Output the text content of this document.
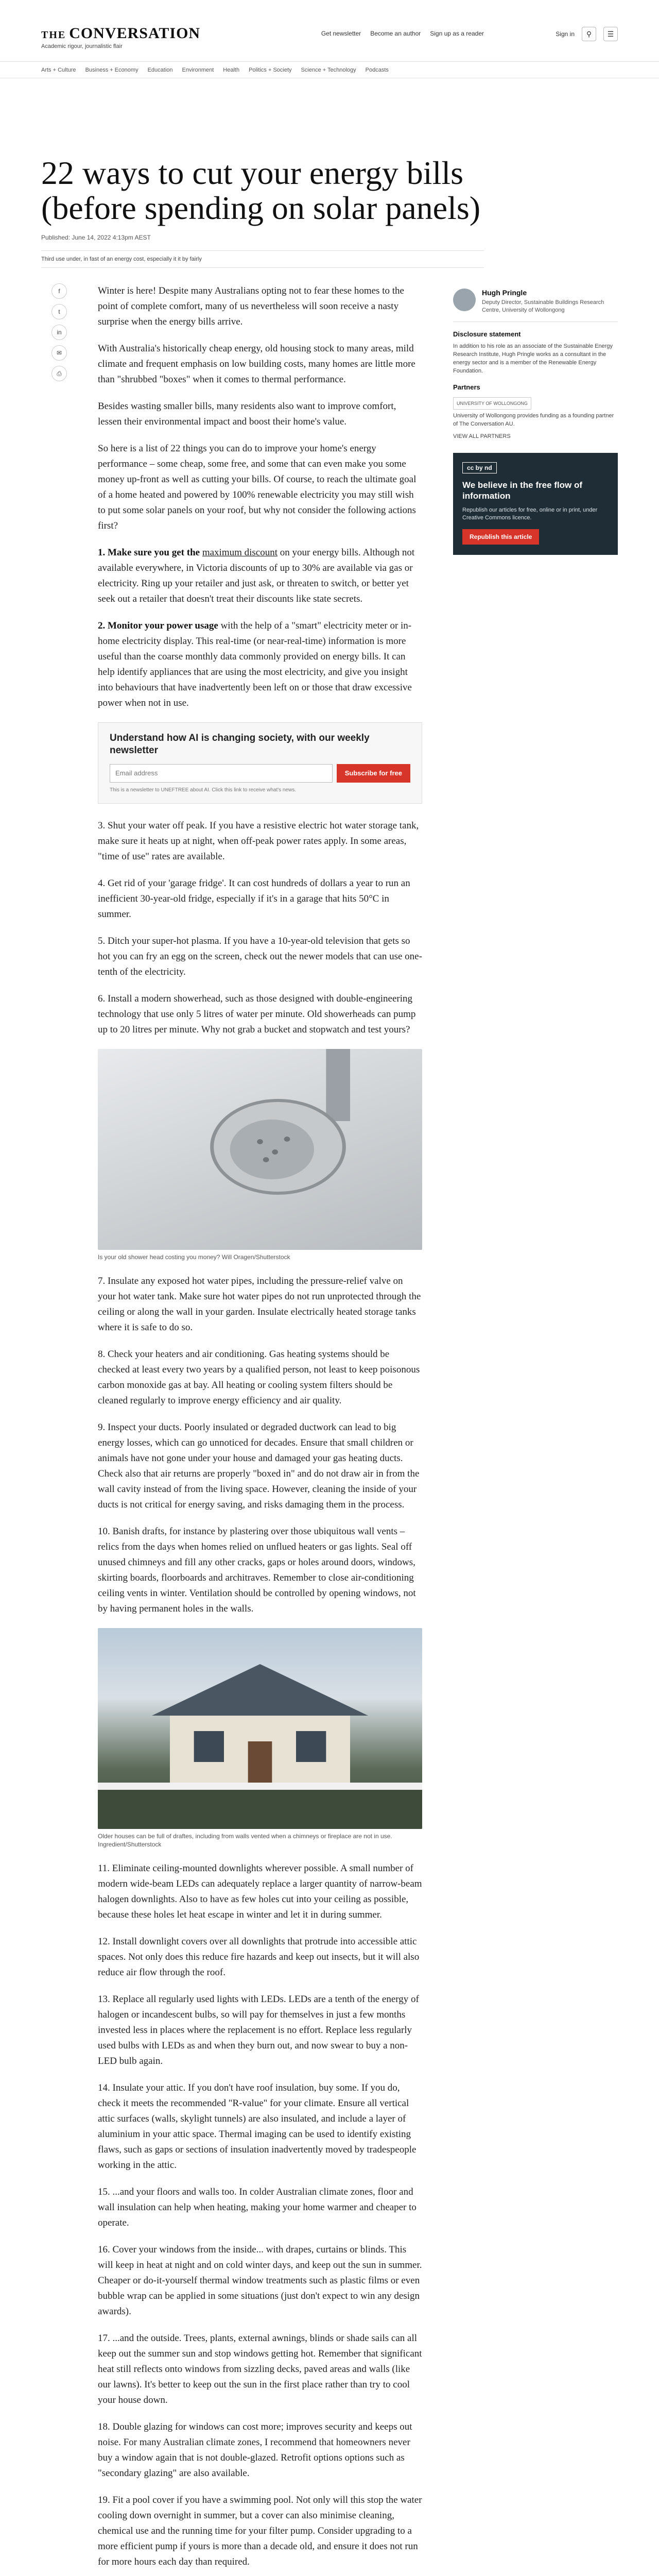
THE CONVERSATION
Academic rigour, journalistic flair
Get newsletter Become an author Sign up as a reader	Sign in	⚲	☰
Arts + Culture Business + Economy Education Environment Health Politics + Society Science + Technology Podcasts
22 ways to cut your energy bills (before spending on solar panels)
Published: June 14, 2022 4:13pm AEST
Third use under, in fast of an energy cost, especially it it by fairly
f
t
in
✉
⎙

Winter is here! Despite many Australians opting not to fear these homes to the point of complete comfort, many of us nevertheless will soon receive a nasty surprise when the energy bills arrive.

With Australia's historically cheap energy, old housing stock to many areas, mild climate and frequent emphasis on low building costs, many homes are little more than "shrubbed "boxes" when it comes to thermal performance.

Besides wasting smaller bills, many residents also want to improve comfort, lessen their environmental impact and boost their home's value.

So here is a list of 22 things you can do to improve your home's energy performance – some cheap, some free, and some that can even make you some money up-front as well as cutting your bills. Of course, to reach the ultimate goal of a home heated and powered by 100% renewable electricity you may still wish to put some solar panels on your roof, but why not consider the following actions first?

1. Make sure you get the maximum discount on your energy bills. Although not available everywhere, in Victoria discounts of up to 30% are available via gas or electricity. Ring up your retailer and just ask, or threaten to switch, or better yet seek out a retailer that doesn't treat their discounts like state secrets.

2. Monitor your power usage with the help of a "smart" electricity meter or in-home electricity display. This real-time (or near-real-time) information is more useful than the coarse monthly data commonly provided on energy bills. It can help identify appliances that are using the most electricity, and give you insight into behaviours that have inadvertently been left on or those that draw excessive power when not in use.

Understand how AI is changing society, with our weekly newsletter
Email address	Subscribe for free
This is a newsletter to UNEFTREE about AI. Click this link to receive what's news.

3. Shut your water off peak. If you have a resistive electric hot water storage tank, make sure it heats up at night, when off-peak power rates apply. In some areas, "time of use" rates are available.

4. Get rid of your 'garage fridge'. It can cost hundreds of dollars a year to run an inefficient 30-year-old fridge, especially if it's in a garage that hits 50°C in summer.

5. Ditch your super-hot plasma. If you have a 10-year-old television that gets so hot you can fry an egg on the screen, check out the newer models that can use one-tenth of the electricity.

6. Install a modern showerhead, such as those designed with double-engineering technology that use only 5 litres of water per minute. Old showerheads can pump up to 20 litres per minute. Why not grab a bucket and stopwatch and test yours?

Is your old shower head costing you money? Will Oragen/Shutterstock

7. Insulate any exposed hot water pipes, including the pressure-relief valve on your hot water tank. Make sure hot water pipes do not run unprotected through the ceiling or along the wall in your garden. Insulate electrically heated storage tanks where it is safe to do so.

8. Check your heaters and air conditioning. Gas heating systems should be checked at least every two years by a qualified person, not least to keep poisonous carbon monoxide gas at bay. All heating or cooling system filters should be cleaned regularly to improve energy efficiency and air quality.

9. Inspect your ducts. Poorly insulated or degraded ductwork can lead to big energy losses, which can go unnoticed for decades. Ensure that small children or animals have not gone under your house and damaged your gas heating ducts. Check also that air returns are properly "boxed in" and do not draw air in from the wall cavity instead of from the living space. However, cleaning the inside of your ducts is not critical for energy saving, and risks damaging them in the process.

10. Banish drafts, for instance by plastering over those ubiquitous wall vents – relics from the days when homes relied on unflued heaters or gas lights. Seal off unused chimneys and fill any other cracks, gaps or holes around doors, windows, skirting boards, floorboards and architraves. Remember to close air-conditioning ceiling vents in winter. Ventilation should be controlled by opening windows, not by having permanent holes in the walls.

Older houses can be full of draftes, including from walls vented when a chimneys or fireplace are not in use. Ingredient/Shutterstock

11. Eliminate ceiling-mounted downlights wherever possible. A small number of modern wide-beam LEDs can adequately replace a larger quantity of narrow-beam halogen downlights. Also to have as few holes cut into your ceiling as possible, because these holes let heat escape in winter and let it in during summer.

12. Install downlight covers over all downlights that protrude into accessible attic spaces. Not only does this reduce fire hazards and keep out insects, but it will also reduce air flow through the roof.

13. Replace all regularly used lights with LEDs. LEDs are a tenth of the energy of halogen or incandescent bulbs, so will pay for themselves in just a few months invested less in places where the replacement is no effort. Replace less regularly used bulbs with LEDs as and when they burn out, and now swear to buy a non-LED bulb again.

14. Insulate your attic. If you don't have roof insulation, buy some. If you do, check it meets the recommended "R-value" for your climate. Ensure all vertical attic surfaces (walls, skylight tunnels) are also insulated, and include a layer of aluminium in your attic space. Thermal imaging can be used to identify existing flaws, such as gaps or sections of insulation inadvertently moved by tradespeople working in the attic.

15. ...and your floors and walls too. In colder Australian climate zones, floor and wall insulation can help when heating, making your home warmer and cheaper to operate.

16. Cover your windows from the inside... with drapes, curtains or blinds. This will keep in heat at night and on cold winter days, and keep out the sun in summer. Cheaper or do-it-yourself thermal window treatments such as plastic films or even bubble wrap can be applied in some situations (just don't expect to win any design awards).

17. ...and the outside. Trees, plants, external awnings, blinds or shade sails can all keep out the summer sun and stop windows getting hot. Remember that significant heat still reflects onto windows from sizzling decks, paved areas and walls (like our lawns). It's better to keep out the sun in the first place rather than try to cool your house down.

18. Double glazing for windows can cost more; improves security and keeps out noise. For many Australian climate zones, I recommend that homeowners never buy a window again that is not double-glazed. Retrofit options options such as "secondary glazing" are also available.

19. Fit a pool cover if you have a swimming pool. Not only will this stop the water cooling down overnight in summer, but a cover can also minimise cleaning, chemical use and the running time for your filter pump. Consider upgrading to a more efficient pump if yours is more than a decade old, and ensure it does not run for more hours each day than required.

Hugh Pringle
Deputy Director, Sustainable Buildings Research Centre, University of Wollongong
Disclosure statement
In addition to his role as an associate of the Sustainable Energy Research Institute, Hugh Pringle works as a consultant in the energy sector and is a member of the Renewable Energy Foundation.
Partners
UNIVERSITY OF WOLLONGONG
University of Wollongong provides funding as a founding partner of The Conversation AU.
VIEW ALL PARTNERS
cc by nd
We believe in the free flow of information

Republish our articles for free, online or in print, under Creative Commons licence.

Republish this article
